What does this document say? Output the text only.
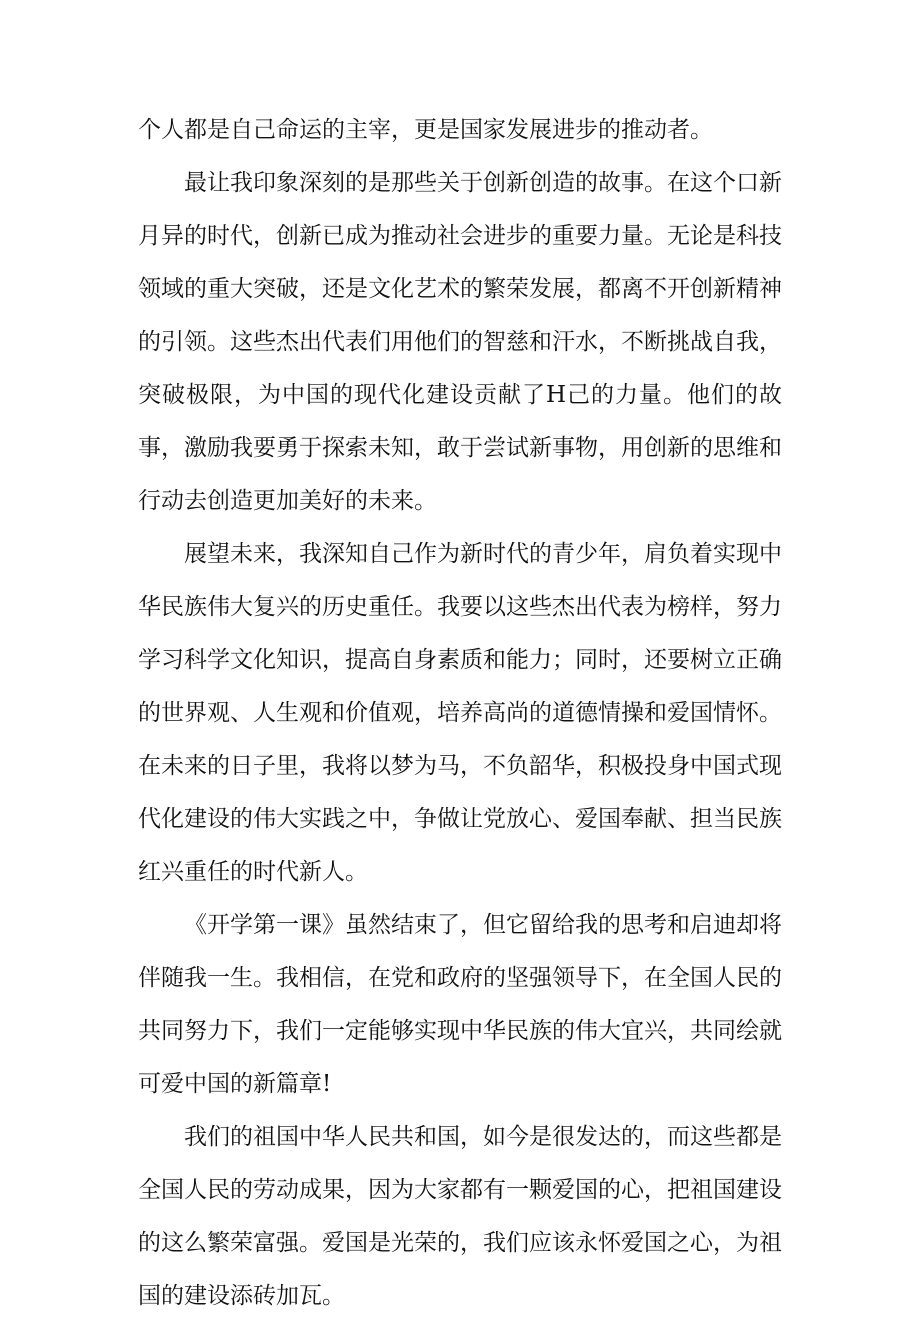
个人都是自己命运的主宰，更是国家发展进步的推动者。

最让我印象深刻的是那些关于创新创造的故事。在这个口新月异的时代，创新已成为推动社会进步的重要力量。无论是科技领域的重大突破，还是文化艺术的繁荣发展，都离不开创新精神的引领。这些杰出代表们用他们的智慈和汗水，不断挑战自我，突破极限，为中国的现代化建设贡献了H己的力量。他们的故事，激励我要勇于探索未知，敢于尝试新事物，用创新的思维和行动去创造更加美好的未来。

展望未来，我深知自己作为新时代的青少年，肩负着实现中华民族伟大复兴的历史重任。我要以这些杰出代表为榜样，努力学习科学文化知识，提高自身素质和能力；同时，还要树立正确的世界观、人生观和价值观，培养高尚的道德情操和爱国情怀。在未来的日子里，我将以梦为马，不负韶华，积极投身中国式现代化建设的伟大实践之中，争做让党放心、爱国奉献、担当民族红兴重任的时代新人。

《开学第一课》虽然结束了，但它留给我的思考和启迪却将伴随我一生。我相信，在党和政府的坚强领导下，在全国人民的共同努力下，我们一定能够实现中华民族的伟大宜兴，共同绘就可爱中国的新篇章!

我们的祖国中华人民共和国，如今是很发达的，而这些都是全国人民的劳动成果，因为大家都有一颗爱国的心，把祖国建设的这么繁荣富强。爱国是光荣的，我们应该永怀爱国之心，为祖国的建设添砖加瓦。
